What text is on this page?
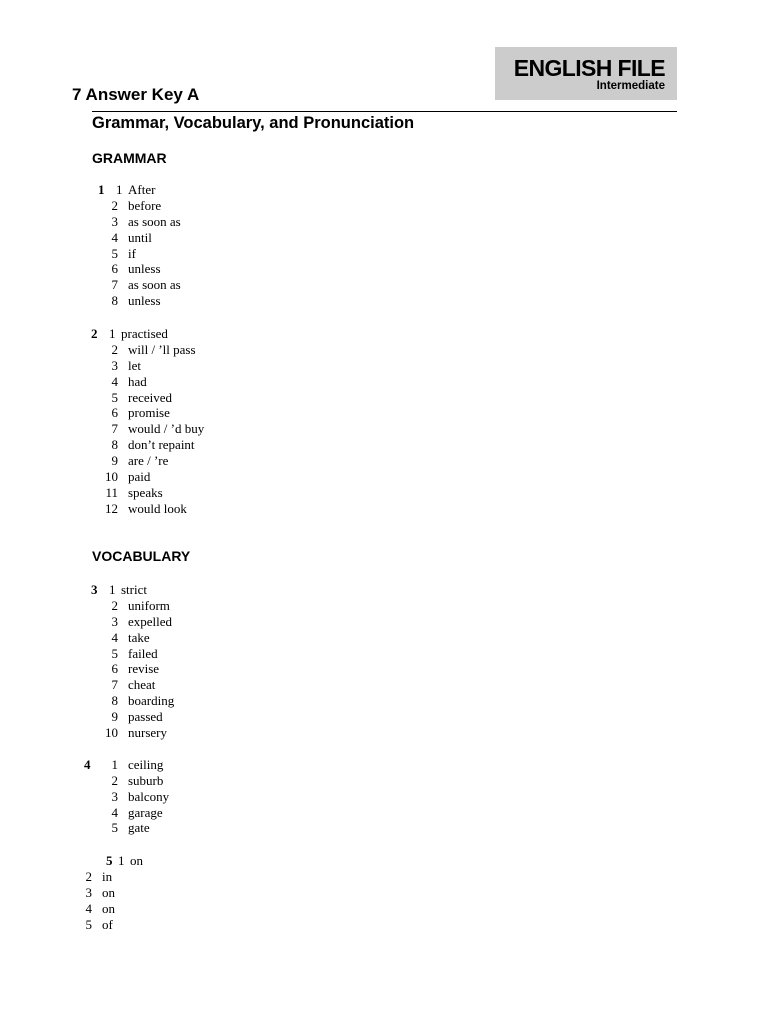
ENGLISH FILE
Intermediate
7 Answer Key A
Grammar, Vocabulary, and Pronunciation
GRAMMAR
1 1 After
2 before
3 as soon as
4 until
5 if
6 unless
7 as soon as
8 unless
2 1 practised
2 will / ’ll pass
3 let
4 had
5 received
6 promise
7 would / ’d buy
8 don’t repaint
9 are / ’re
10 paid
11 speaks
12 would look
VOCABULARY
3 1 strict
2 uniform
3 expelled
4 take
5 failed
6 revise
7 cheat
8 boarding
9 passed
10 nursery
4 1 ceiling
2 suburb
3 balcony
4 garage
5 gate
5 1 on
2 in
3 on
4 on
5 of
